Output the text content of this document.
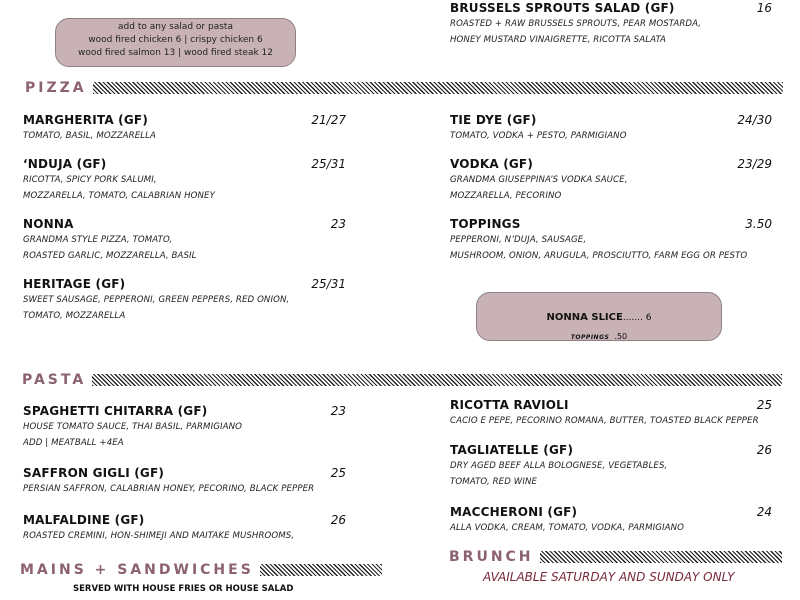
add to any salad or pasta
wood fired chicken 6 | crispy chicken 6
wood fired salmon 13 | wood fired steak 12
PIZZA
PASTA
MAINS + SANDWICHES
SERVED WITH HOUSE FRIES OR HOUSE SALAD
BRUNCH
AVAILABLE SATURDAY AND SUNDAY ONLY
NONNA SLICE....... 6
TOPPINGS .50
BRUSSELS SPROUTS SALAD (GF)	16
ROASTED + RAW BRUSSELS SPROUTS, PEAR MOSTARDA,
HONEY MUSTARD VINAIGRETTE, RICOTTA SALATA
MARGHERITA (GF)	21/27
TOMATO, BASIL, MOZZARELLA
‘NDUJA (GF)	25/31
RICOTTA, SPICY PORK SALUMI,
MOZZARELLA, TOMATO, CALABRIAN HONEY
NONNA	23
GRANDMA STYLE PIZZA, TOMATO,
ROASTED GARLIC, MOZZARELLA, BASIL
HERITAGE (GF)	25/31
SWEET SAUSAGE, PEPPERONI, GREEN PEPPERS, RED ONION,
TOMATO, MOZZARELLA
TIE DYE (GF)	24/30
TOMATO, VODKA + PESTO, PARMIGIANO
VODKA (GF)	23/29
GRANDMA GIUSEPPINA’S VODKA SAUCE,
MOZZARELLA, PECORINO
TOPPINGS	3.50
PEPPERONI, N’DUJA, SAUSAGE,
MUSHROOM, ONION, ARUGULA, PROSCIUTTO, FARM EGG OR PESTO
SPAGHETTI CHITARRA (GF)	23
HOUSE TOMATO SAUCE, THAI BASIL, PARMIGIANO
ADD | MEATBALL +4EA
SAFFRON GIGLI (GF)	25
PERSIAN SAFFRON, CALABRIAN HONEY, PECORINO, BLACK PEPPER
MALFALDINE (GF)	26
ROASTED CREMINI, HON-SHIMEJI AND MAITAKE MUSHROOMS,
RICOTTA RAVIOLI	25
CACIO E PEPE, PECORINO ROMANA, BUTTER, TOASTED BLACK PEPPER
TAGLIATELLE (GF)	26
DRY AGED BEEF ALLA BOLOGNESE, VEGETABLES,
TOMATO, RED WINE
MACCHERONI (GF)	24
ALLA VODKA, CREAM, TOMATO, VODKA, PARMIGIANO
